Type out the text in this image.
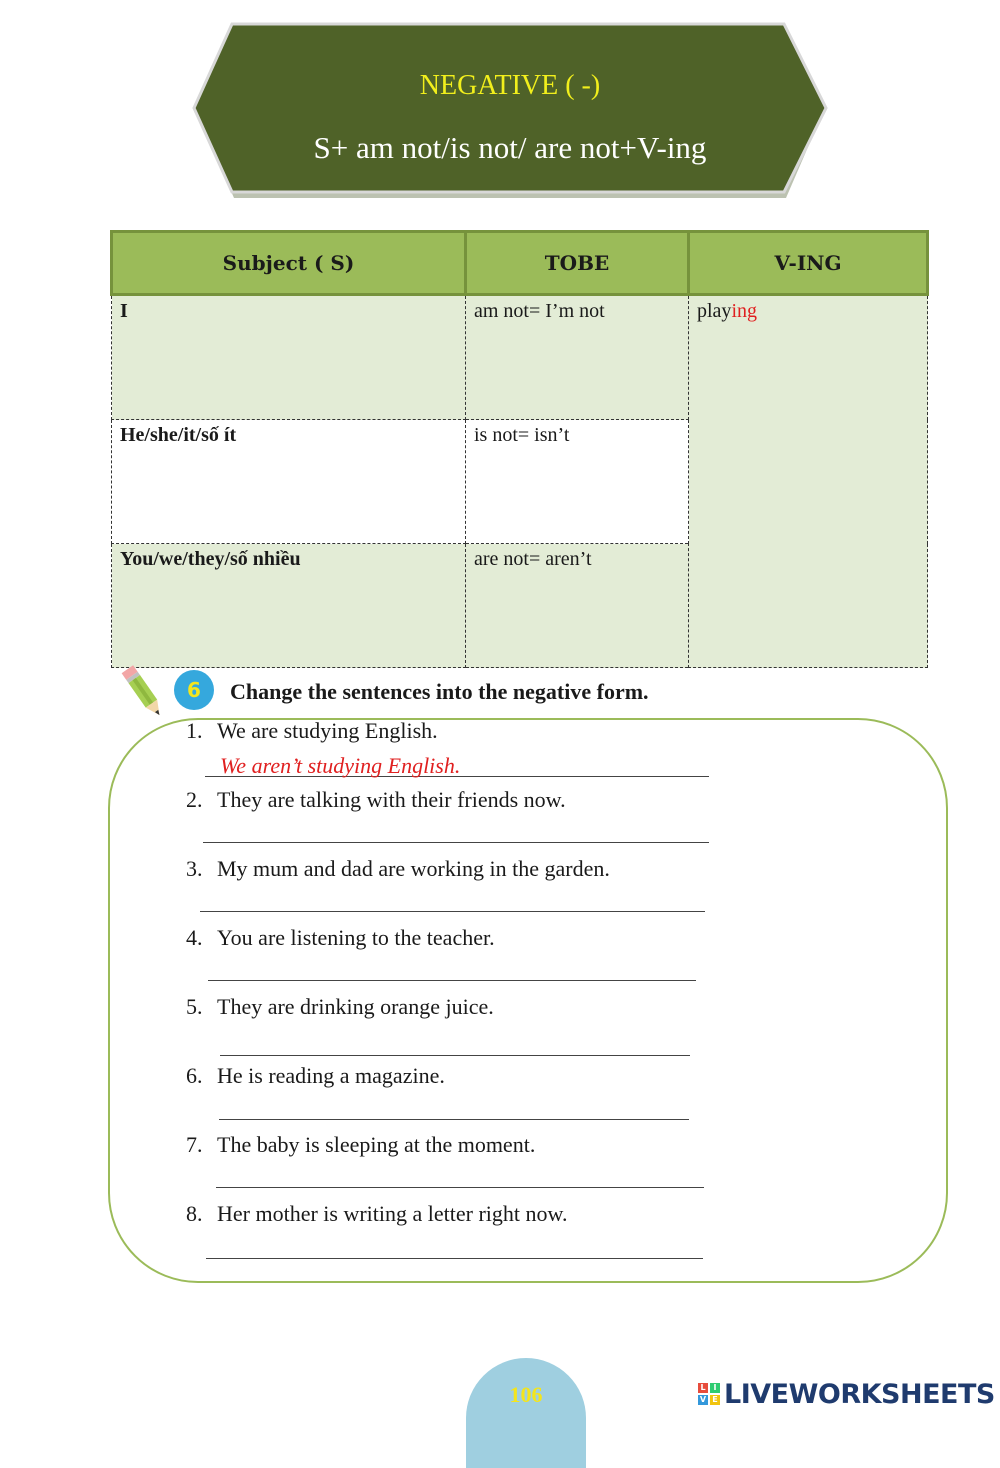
NEGATIVE ( -)
S+ am not/is not/ are not+V-ing
Subject ( S)	TOBE	V-ING
I	am not= I’m not	playing
He/she/it/số ít	is not= isn’t	
You/we/they/số nhiều	are not= aren’t	
6	Change the sentences into the negative form.
1. We are studying English.
We aren’t studying English.
2. They are talking with their friends now.
3. My mum and dad are working in the garden.
4. You are listening to the teacher.
5. They are drinking orange juice.
6. He is reading a magazine.
7. The baby is sleeping at the moment.
8. Her mother is writing a letter right now.
106	L I
V E LIVEWORKSHEETS
